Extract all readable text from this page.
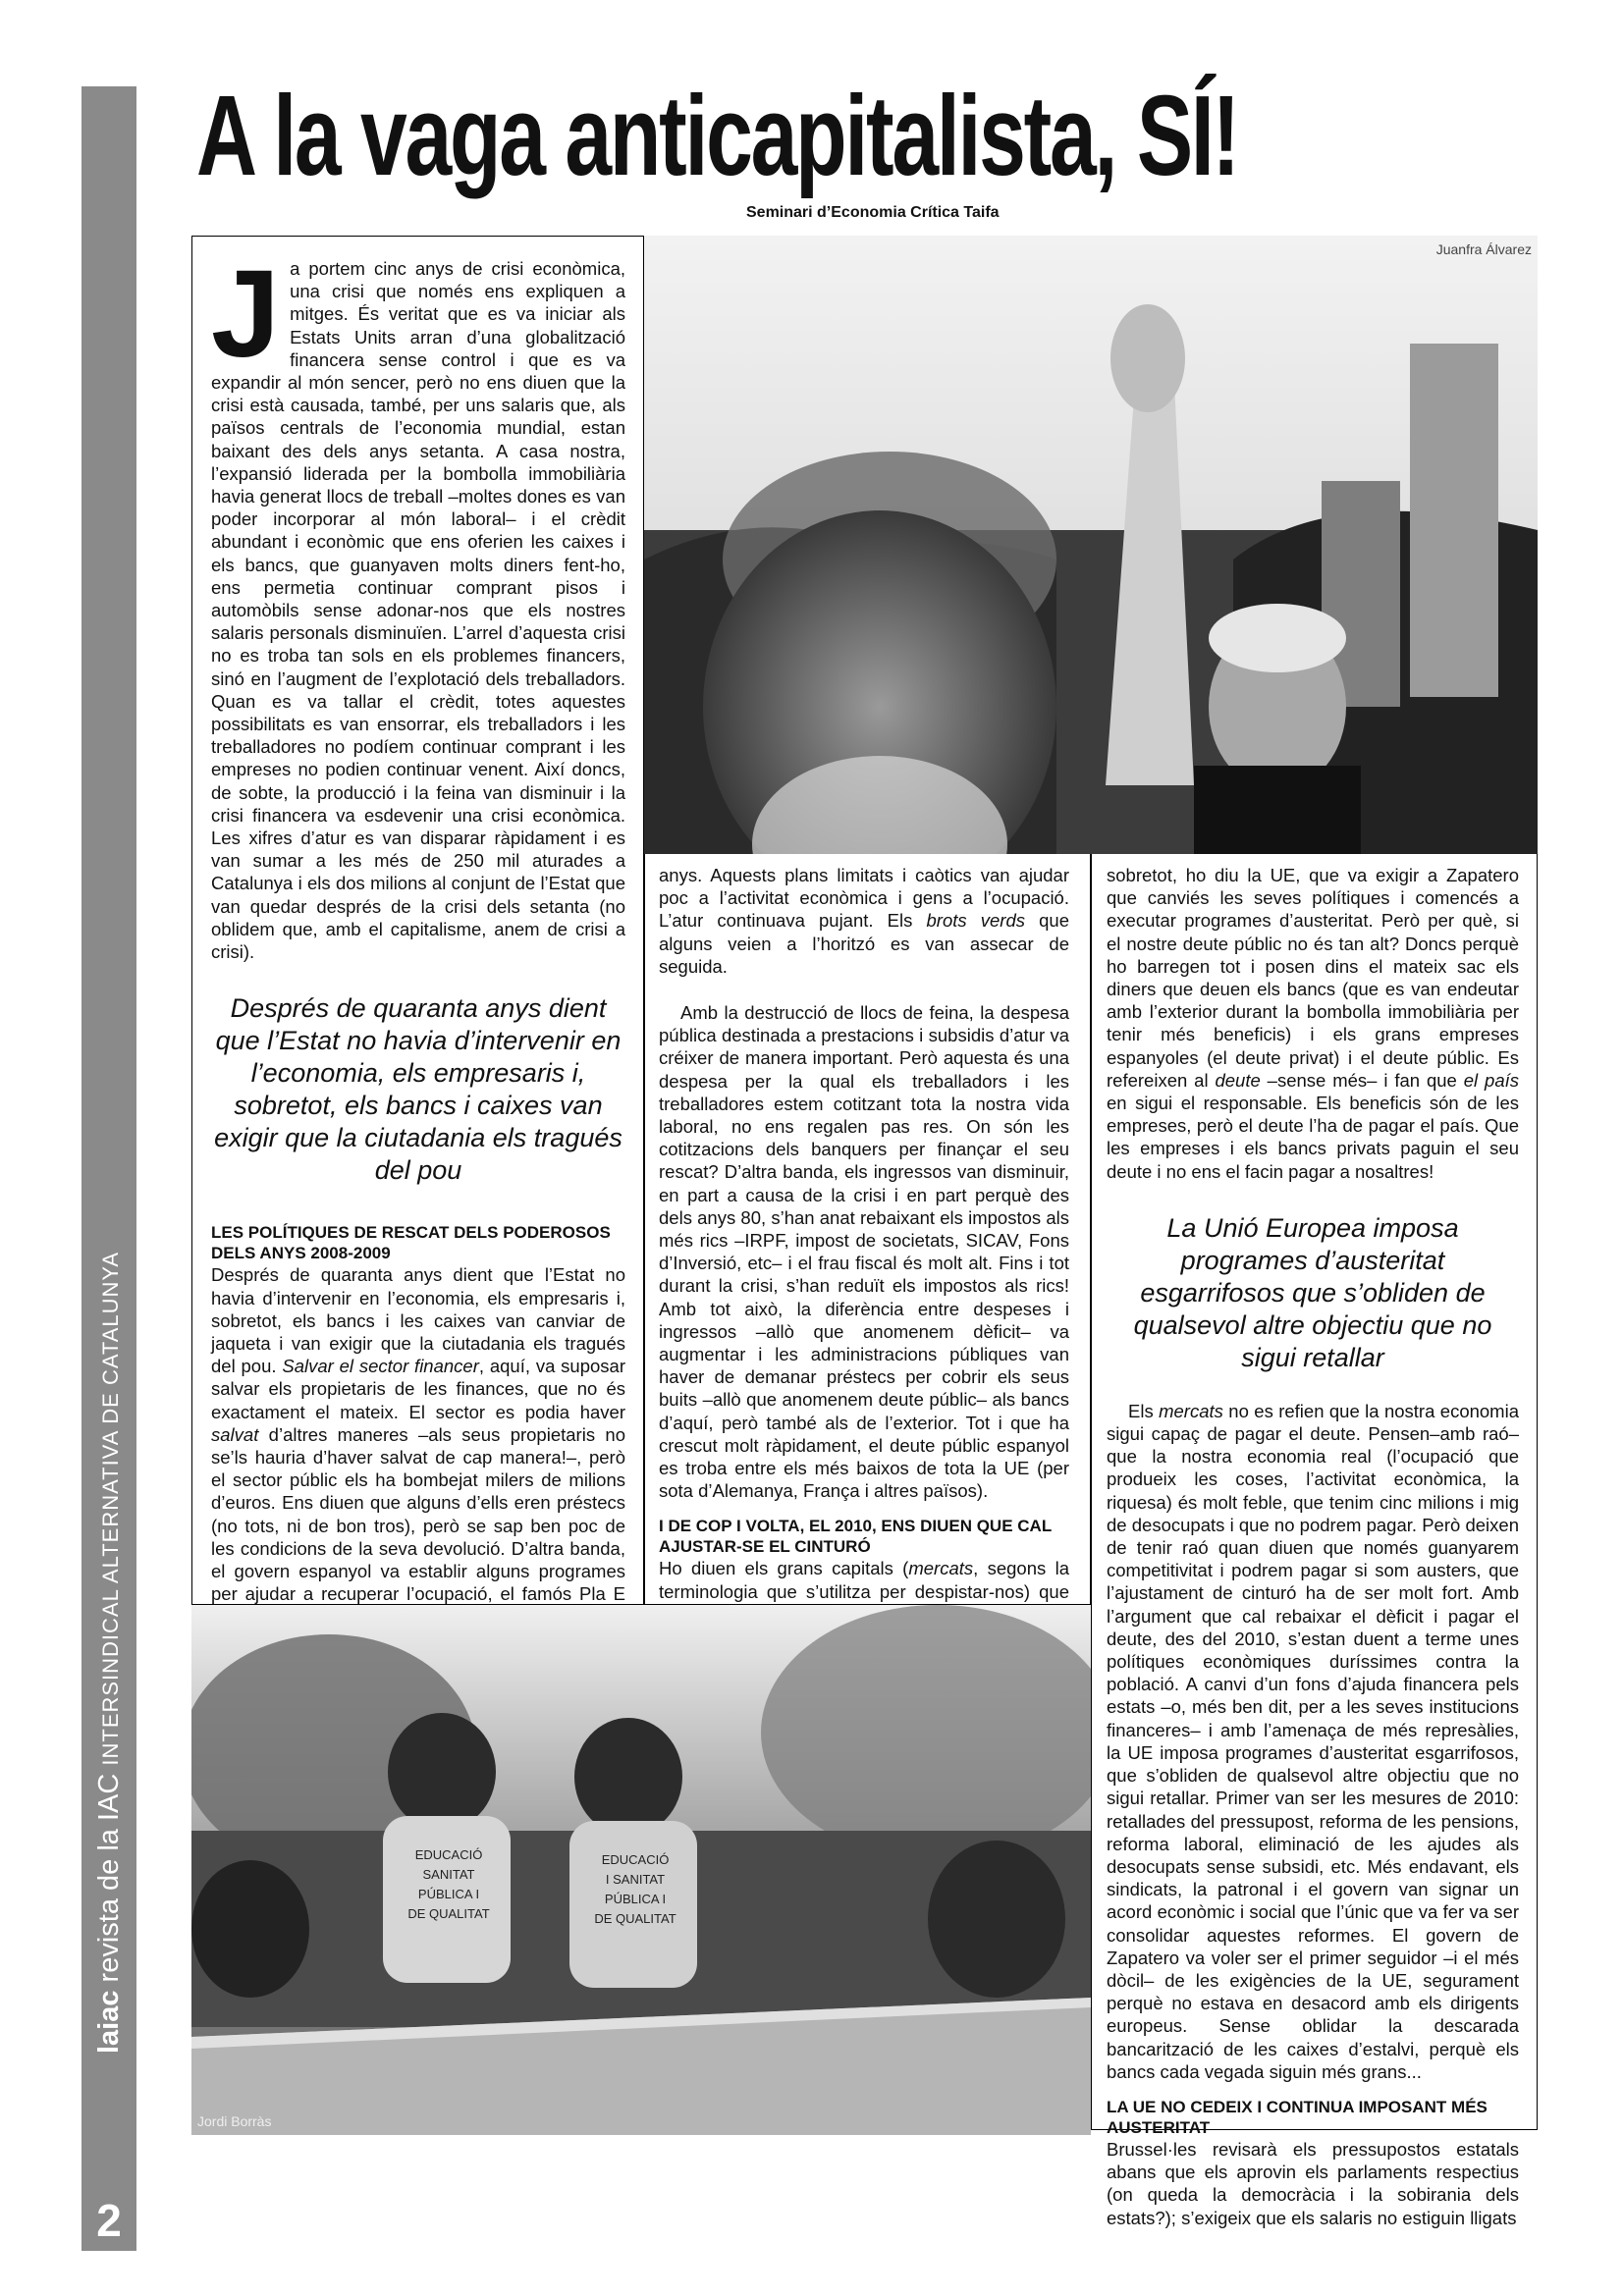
laiac revista de la IAC INTERSINDICAL ALTERNATIVA DE CATALUNYA
2
A la vaga anticapitalista, SÍ!
Seminari d’Economia Crítica Taifa

Ja portem cinc anys de crisi econòmica, una crisi que només ens expliquen a mitges. És veritat que es va iniciar als Estats Units arran d’una globalització financera sense control i que es va expandir al món sencer, però no ens diuen que la crisi està causada, també, per uns salaris que, als països centrals de l’economia mundial, estan baixant des dels anys setanta. A casa nostra, l’expansió liderada per la bombolla immobiliària havia generat llocs de treball –moltes dones es van poder incorporar al món laboral– i el crèdit abundant i econòmic que ens oferien les caixes i els bancs, que guanyaven molts diners fent-ho, ens permetia continuar comprant pisos i automòbils sense adonar-nos que els nostres salaris personals disminuïen. L’arrel d’aquesta crisi no es troba tan sols en els problemes financers, sinó en l’augment de l’explotació dels treballadors. Quan es va tallar el crèdit, totes aquestes possibilitats es van ensorrar, els treballadors i les treballadores no podíem continuar comprant i les empreses no podien continuar venent. Així doncs, de sobte, la producció i la feina van disminuir i la crisi financera va esdevenir una crisi econòmica. Les xifres d’atur es van disparar ràpidament i es van sumar a les més de 250 mil aturades a Catalunya i els dos milions al conjunt de l’Estat que van quedar després de la crisi dels setanta (no oblidem que, amb el capitalisme, anem de crisi a crisi).

Després de quaranta anys dient que l’Estat no havia d’intervenir en l’economia, els empresaris i, sobretot, els bancs i caixes van exigir que la ciutadania els tragués del pou
LES POLÍTIQUES DE RESCAT DELS PODEROSOS DELS ANYS 2008-2009

Després de quaranta anys dient que l’Estat no havia d’intervenir en l’economia, els empresaris i, sobretot, els bancs i les caixes van canviar de jaqueta i van exigir que la ciutadania els tragués del pou. Salvar el sector financer, aquí, va suposar salvar els propietaris de les finances, que no és exactament el mateix. El sector es podia haver salvat d’altres maneres –als seus propietaris no se’ls hauria d’haver salvat de cap manera!–, però el sector públic els ha bombejat milers de milions d’euros. Ens diuen que alguns d’ells eren préstecs (no tots, ni de bon tros), però se sap ben poc de les condicions de la seva devolució. D’altra banda, el govern espanyol va establir alguns programes per ajudar a recuperar l’ocupació, el famós Pla E

Juanfra Álvarez

anys. Aquests plans limitats i caòtics van ajudar poc a l’activitat econòmica i gens a l’ocupació. L’atur continuava pujant. Els brots verds que alguns veien a l’horitzó es van assecar de seguida.

Amb la destrucció de llocs de feina, la despesa pública destinada a prestacions i subsidis d’atur va créixer de manera important. Però aquesta és una despesa per la qual els treballadors i les treballadores estem cotitzant tota la nostra vida laboral, no ens regalen pas res. On són les cotitzacions dels banquers per finançar el seu rescat? D’altra banda, els ingressos van disminuir, en part a causa de la crisi i en part perquè des dels anys 80, s’han anat rebaixant els impostos als més rics –IRPF, impost de societats, SICAV, Fons d’Inversió, etc– i el frau fiscal és molt alt. Fins i tot durant la crisi, s’han reduït els impostos als rics! Amb tot això, la diferència entre despeses i ingressos –allò que anomenem dèficit– va augmentar i les administracions públiques van haver de demanar préstecs per cobrir els seus buits –allò que anomenem deute públic– als bancs d’aquí, però també als de l’exterior. Tot i que ha crescut molt ràpidament, el deute públic espanyol es troba entre els més baixos de tota la UE (per sota d’Alemanya, França i altres països).

I DE COP I VOLTA, EL 2010, ENS DIUEN QUE CAL AJUSTAR-SE EL CINTURÓ

Ho diuen els grans capitals (mercats, segons la terminologia que s’utilitza per despistar-nos) que

sobretot, ho diu la UE, que va exigir a Zapatero que canviés les seves polítiques i comencés a executar programes d’austeritat. Però per què, si el nostre deute públic no és tan alt? Doncs perquè ho barregen tot i posen dins el mateix sac els diners que deuen els bancs (que es van endeutar amb l’exterior durant la bombolla immobiliària per tenir més beneficis) i els grans empreses espanyoles (el deute privat) i el deute públic. Es refereixen al deute –sense més– i fan que el país en sigui el responsable. Els beneficis són de les empreses, però el deute l’ha de pagar el país. Que les empreses i els bancs privats paguin el seu deute i no ens el facin pagar a nosaltres!

La Unió Europea imposa programes d’austeritat esgarrifosos que s’obliden de qualsevol altre objectiu que no sigui retallar

Els mercats no es refien que la nostra economia sigui capaç de pagar el deute. Pensen–amb raó– que la nostra economia real (l’ocupació que produeix les coses, l’activitat econòmica, la riquesa) és molt feble, que tenim cinc milions i mig de desocupats i que no podrem pagar. Però deixen de tenir raó quan diuen que només guanyarem competitivitat i podrem pagar si som austers, que l’ajustament de cinturó ha de ser molt fort. Amb l’argument que cal rebaixar el dèficit i pagar el deute, des del 2010, s’estan duent a terme unes polítiques econòmiques duríssimes contra la població. A canvi d’un fons d’ajuda financera pels estats –o, més ben dit, per a les seves institucions financeres– i amb l’amenaça de més represàlies, la UE imposa programes d’austeritat esgarrifosos, que s’obliden de qualsevol altre objectiu que no sigui retallar. Primer van ser les mesures de 2010: retallades del pressupost, reforma de les pensions, reforma laboral, eliminació de les ajudes als desocupats sense subsidi, etc. Més endavant, els sindicats, la patronal i el govern van signar un acord econòmic i social que l’únic que va fer va ser consolidar aquestes reformes. El govern de Zapatero va voler ser el primer seguidor –i el més dòcil– de les exigències de la UE, segurament perquè no estava en desacord amb els dirigents europeus. Sense oblidar la descarada bancarització de les caixes d’estalvi, perquè els bancs cada vegada siguin més grans...

LA UE NO CEDEIX I CONTINUA IMPOSANT MÉS AUSTERITAT

Brussel·les revisarà els pressupostos estatals abans que els aprovin els parlaments respectius (on queda la democràcia i la sobirania dels estats?); s’exigeix que els salaris no estiguin lligats

EDUCACIÓ
SANITAT
PÚBLICA I
DE QUALITAT
EDUCACIÓ
I SANITAT
PÚBLICA I
DE QUALITAT
Jordi Borràs
